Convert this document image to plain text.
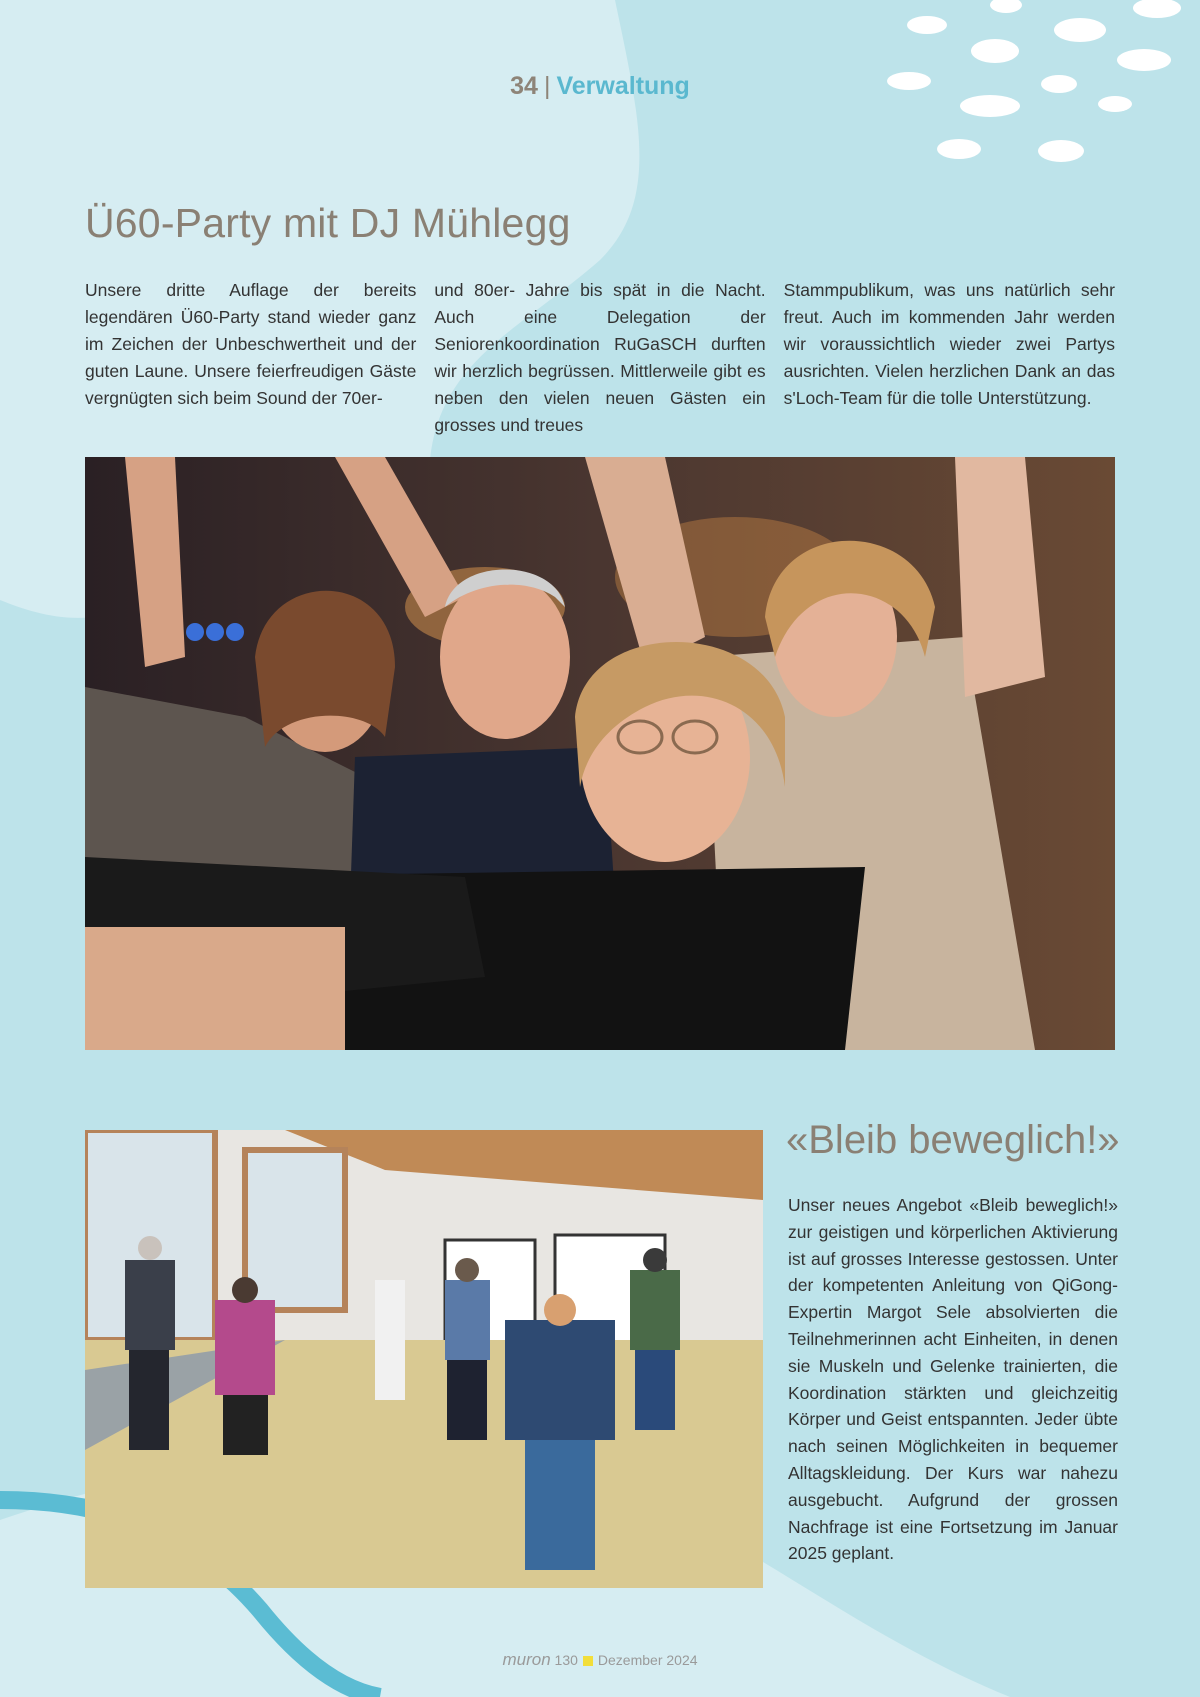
34 | Verwaltung
Ü60-Party mit DJ Mühlegg
Unsere dritte Auflage der bereits legendären Ü60-Party stand wieder ganz im Zeichen der Unbeschwertheit und der guten Laune. Unsere feierfreudigen Gäste vergnügten sich beim Sound der 70er-
und 80er- Jahre bis spät in die Nacht. Auch eine Delegation der Seniorenkoordination RuGaSCH durften wir herzlich begrüssen. Mittlerweile gibt es neben den vielen neuen Gästen ein grosses und treues
Stammpublikum, was uns natürlich sehr freut. Auch im kommenden Jahr werden wir voraussichtlich wieder zwei Partys ausrichten. Vielen herzlichen Dank an das s'Loch-Team für die tolle Unterstützung.
«Bleib beweglich!»
Unser neues Angebot «Bleib beweglich!» zur geistigen und körperlichen Aktivierung ist auf grosses Interesse gestossen. Unter der kompetenten Anleitung von QiGong-Expertin Margot Sele absolvierten die Teilnehmerinnen acht Einheiten, in denen sie Muskeln und Gelenke trainierten, die Koordination stärkten und gleichzeitig Körper und Geist entspannten. Jeder übte nach seinen Möglichkeiten in bequemer Alltagskleidung. Der Kurs war nahezu ausgebucht. Aufgrund der grossen Nachfrage ist eine Fortsetzung im Januar 2025 geplant.
muron 130 Dezember 2024
